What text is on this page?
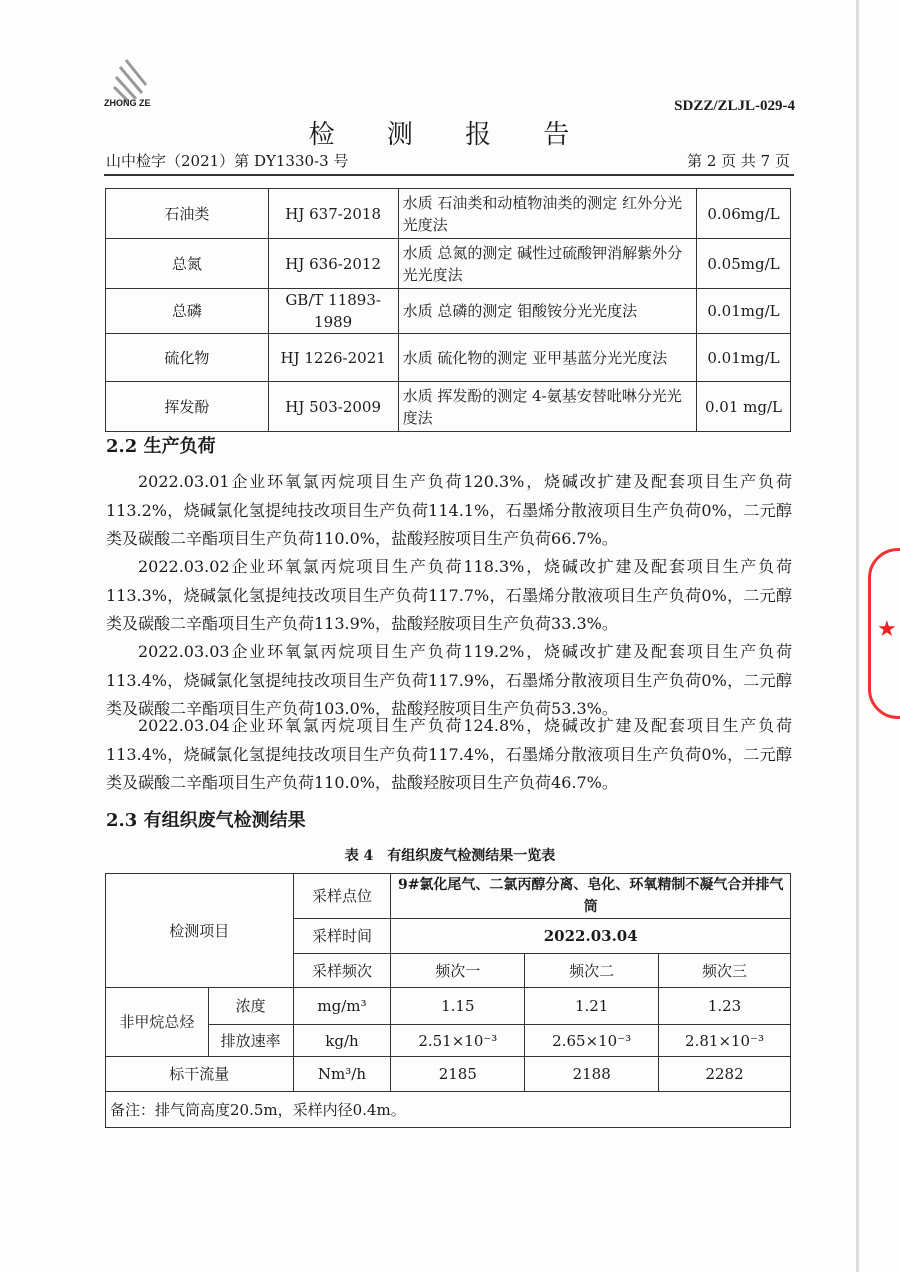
ZHONG ZE	SDZZ/ZLJL-029-4
检 测 报 告
山中检字（2021）第 DY1330-3 号	第 2 页 共 7 页
石油类	HJ 637-2018	水质 石油类和动植物油类的测定 红外分光光度法	0.06mg/L
总氮	HJ 636-2012	水质 总氮的测定 碱性过硫酸钾消解紫外分光光度法	0.05mg/L
总磷	GB/T 11893-1989	水质 总磷的测定 钼酸铵分光光度法	0.01mg/L
硫化物	HJ 1226-2021	水质 硫化物的测定 亚甲基蓝分光光度法	0.01mg/L
挥发酚	HJ 503-2009	水质 挥发酚的测定 4-氨基安替吡啉分光光度法	0.01 mg/L
2.2 生产负荷
2022.03.01企业环氧氯丙烷项目生产负荷120.3%，烧碱改扩建及配套项目生产负荷113.2%，烧碱氯化氢提纯技改项目生产负荷114.1%，石墨烯分散液项目生产负荷0%，二元醇类及碳酸二辛酯项目生产负荷110.0%，盐酸羟胺项目生产负荷66.7%。
2022.03.02企业环氧氯丙烷项目生产负荷118.3%，烧碱改扩建及配套项目生产负荷113.3%，烧碱氯化氢提纯技改项目生产负荷117.7%，石墨烯分散液项目生产负荷0%，二元醇类及碳酸二辛酯项目生产负荷113.9%，盐酸羟胺项目生产负荷33.3%。
2022.03.03企业环氧氯丙烷项目生产负荷119.2%，烧碱改扩建及配套项目生产负荷113.4%，烧碱氯化氢提纯技改项目生产负荷117.9%，石墨烯分散液项目生产负荷0%，二元醇类及碳酸二辛酯项目生产负荷103.0%，盐酸羟胺项目生产负荷53.3%。
2022.03.04企业环氧氯丙烷项目生产负荷124.8%，烧碱改扩建及配套项目生产负荷113.4%，烧碱氯化氢提纯技改项目生产负荷117.4%，石墨烯分散液项目生产负荷0%，二元醇类及碳酸二辛酯项目生产负荷110.0%，盐酸羟胺项目生产负荷46.7%。
2.3 有组织废气检测结果
表 4　有组织废气检测结果一览表
检测项目		采样点位	9#氯化尾气、二氯丙醇分离、皂化、环氧精制不凝气合并排气筒		
		采样时间	2022.03.04		
		采样频次	频次一	频次二	频次三
非甲烷总烃	浓度	mg/m³	1.15	1.21	1.23
	排放速率	kg/h	2.51×10⁻³	2.65×10⁻³	2.81×10⁻³
标干流量		Nm³/h	2185	2188	2282
备注：排气筒高度20.5m，采样内径0.4m。					
★
